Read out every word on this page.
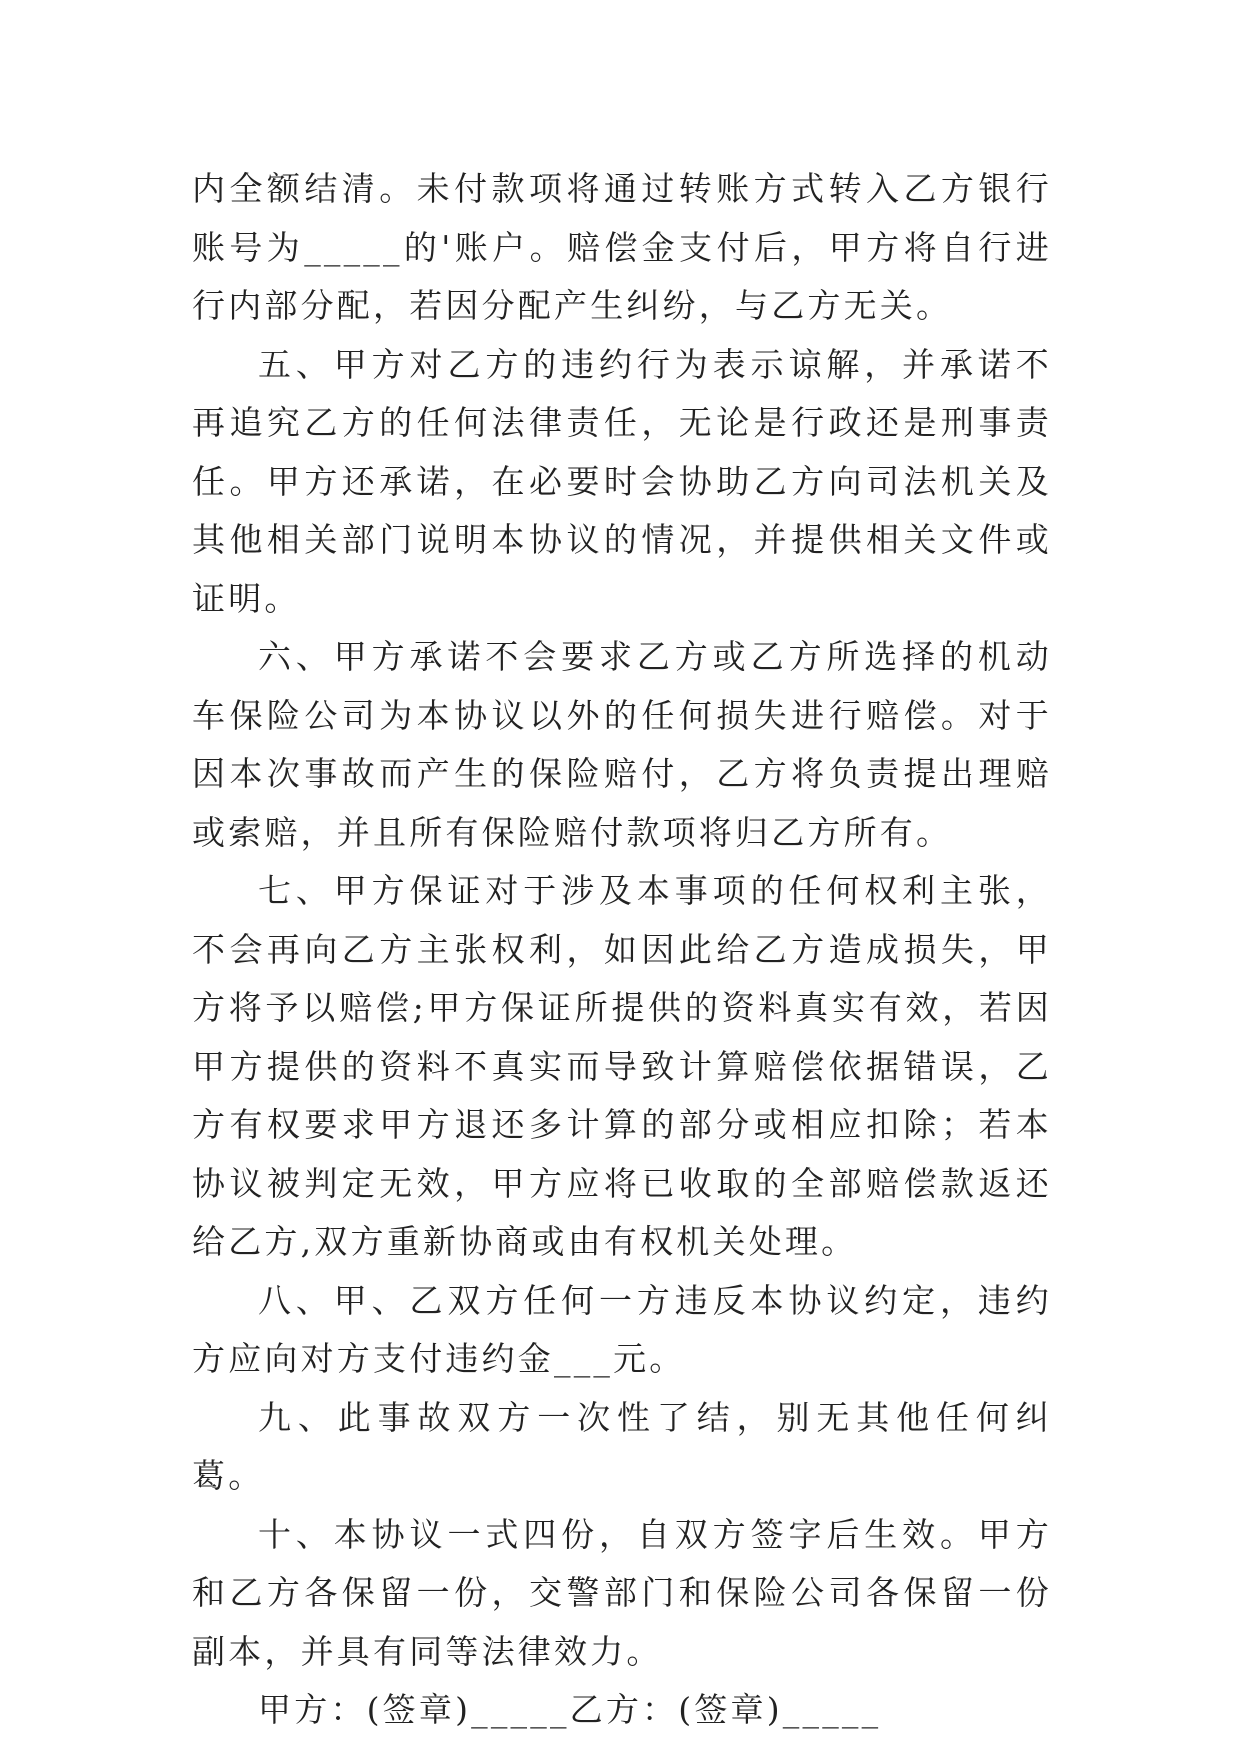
内全额结清。未付款项将通过转账方式转入乙方银行账号为_____的'账户。赔偿金支付后，甲方将自行进行内部分配，若因分配产生纠纷，与乙方无关。

五、甲方对乙方的违约行为表示谅解，并承诺不再追究乙方的任何法律责任，无论是行政还是刑事责任。甲方还承诺，在必要时会协助乙方向司法机关及其他相关部门说明本协议的情况，并提供相关文件或证明。

六、甲方承诺不会要求乙方或乙方所选择的机动车保险公司为本协议以外的任何损失进行赔偿。对于因本次事故而产生的保险赔付，乙方将负责提出理赔或索赔，并且所有保险赔付款项将归乙方所有。

七、甲方保证对于涉及本事项的任何权利主张，不会再向乙方主张权利，如因此给乙方造成损失，甲方将予以赔偿;甲方保证所提供的资料真实有效，若因甲方提供的资料不真实而导致计算赔偿依据错误，乙方有权要求甲方退还多计算的部分或相应扣除；若本协议被判定无效，甲方应将已收取的全部赔偿款返还给乙方,双方重新协商或由有权机关处理。

八、甲、乙双方任何一方违反本协议约定，违约方应向对方支付违约金___元。

九、此事故双方一次性了结，别无其他任何纠葛。

十、本协议一式四份，自双方签字后生效。甲方和乙方各保留一份，交警部门和保险公司各保留一份副本，并具有同等法律效力。

甲方：(签章)_____乙方：(签章)_____
